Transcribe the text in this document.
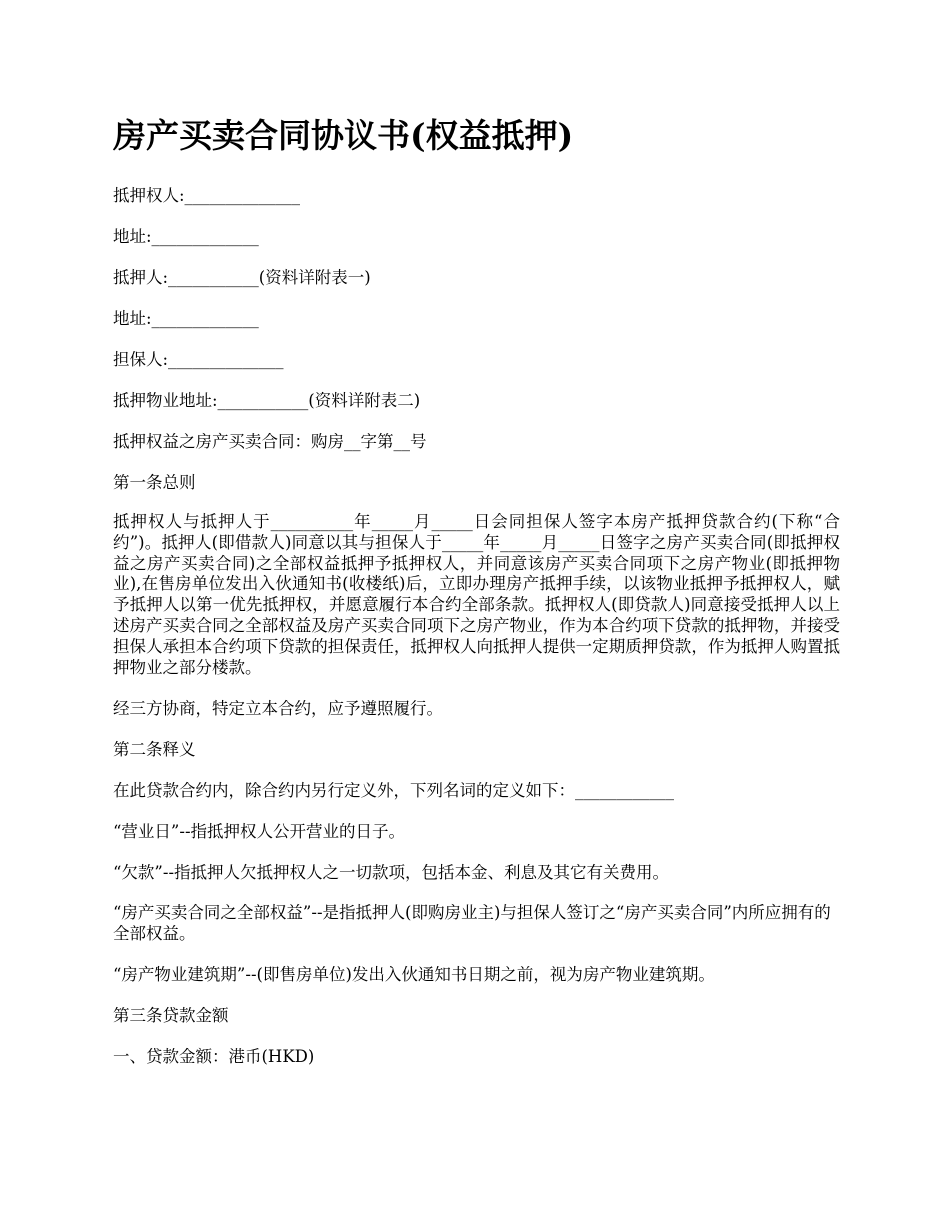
房产买卖合同协议书(权益抵押)

抵押权人:______________

地址:_____________

抵押人:___________(资料详附表一)

地址:_____________

担保人:______________

抵押物业地址:___________(资料详附表二)

抵押权益之房产买卖合同：购房__字第__号

第一条总则

抵押权人与抵押人于__________年_____月_____日会同担保人签字本房产抵押贷款合约(下称“合约”)。抵押人(即借款人)同意以其与担保人于_____年_____月_____日签字之房产买卖合同(即抵押权益之房产买卖合同)之全部权益抵押予抵押权人，并同意该房产买卖合同项下之房产物业(即抵押物业),在售房单位发出入伙通知书(收楼纸)后，立即办理房产抵押手续，以该物业抵押予抵押权人，赋予抵押人以第一优先抵押权，并愿意履行本合约全部条款。抵押权人(即贷款人)同意接受抵押人以上述房产买卖合同之全部权益及房产买卖合同项下之房产物业，作为本合约项下贷款的抵押物，并接受担保人承担本合约项下贷款的担保责任，抵押权人向抵押人提供一定期质押贷款，作为抵押人购置抵押物业之部分楼款。

经三方协商，特定立本合约，应予遵照履行。

第二条释义

在此贷款合约内，除合约内另行定义外，下列名词的定义如下：____________

“营业日”--指抵押权人公开营业的日子。

“欠款”--指抵押人欠抵押权人之一切款项，包括本金、利息及其它有关费用。

“房产买卖合同之全部权益”--是指抵押人(即购房业主)与担保人签订之“房产买卖合同”内所应拥有的全部权益。

“房产物业建筑期”--(即售房单位)发出入伙通知书日期之前，视为房产物业建筑期。

第三条贷款金额

一、贷款金额：港币(HKD)
